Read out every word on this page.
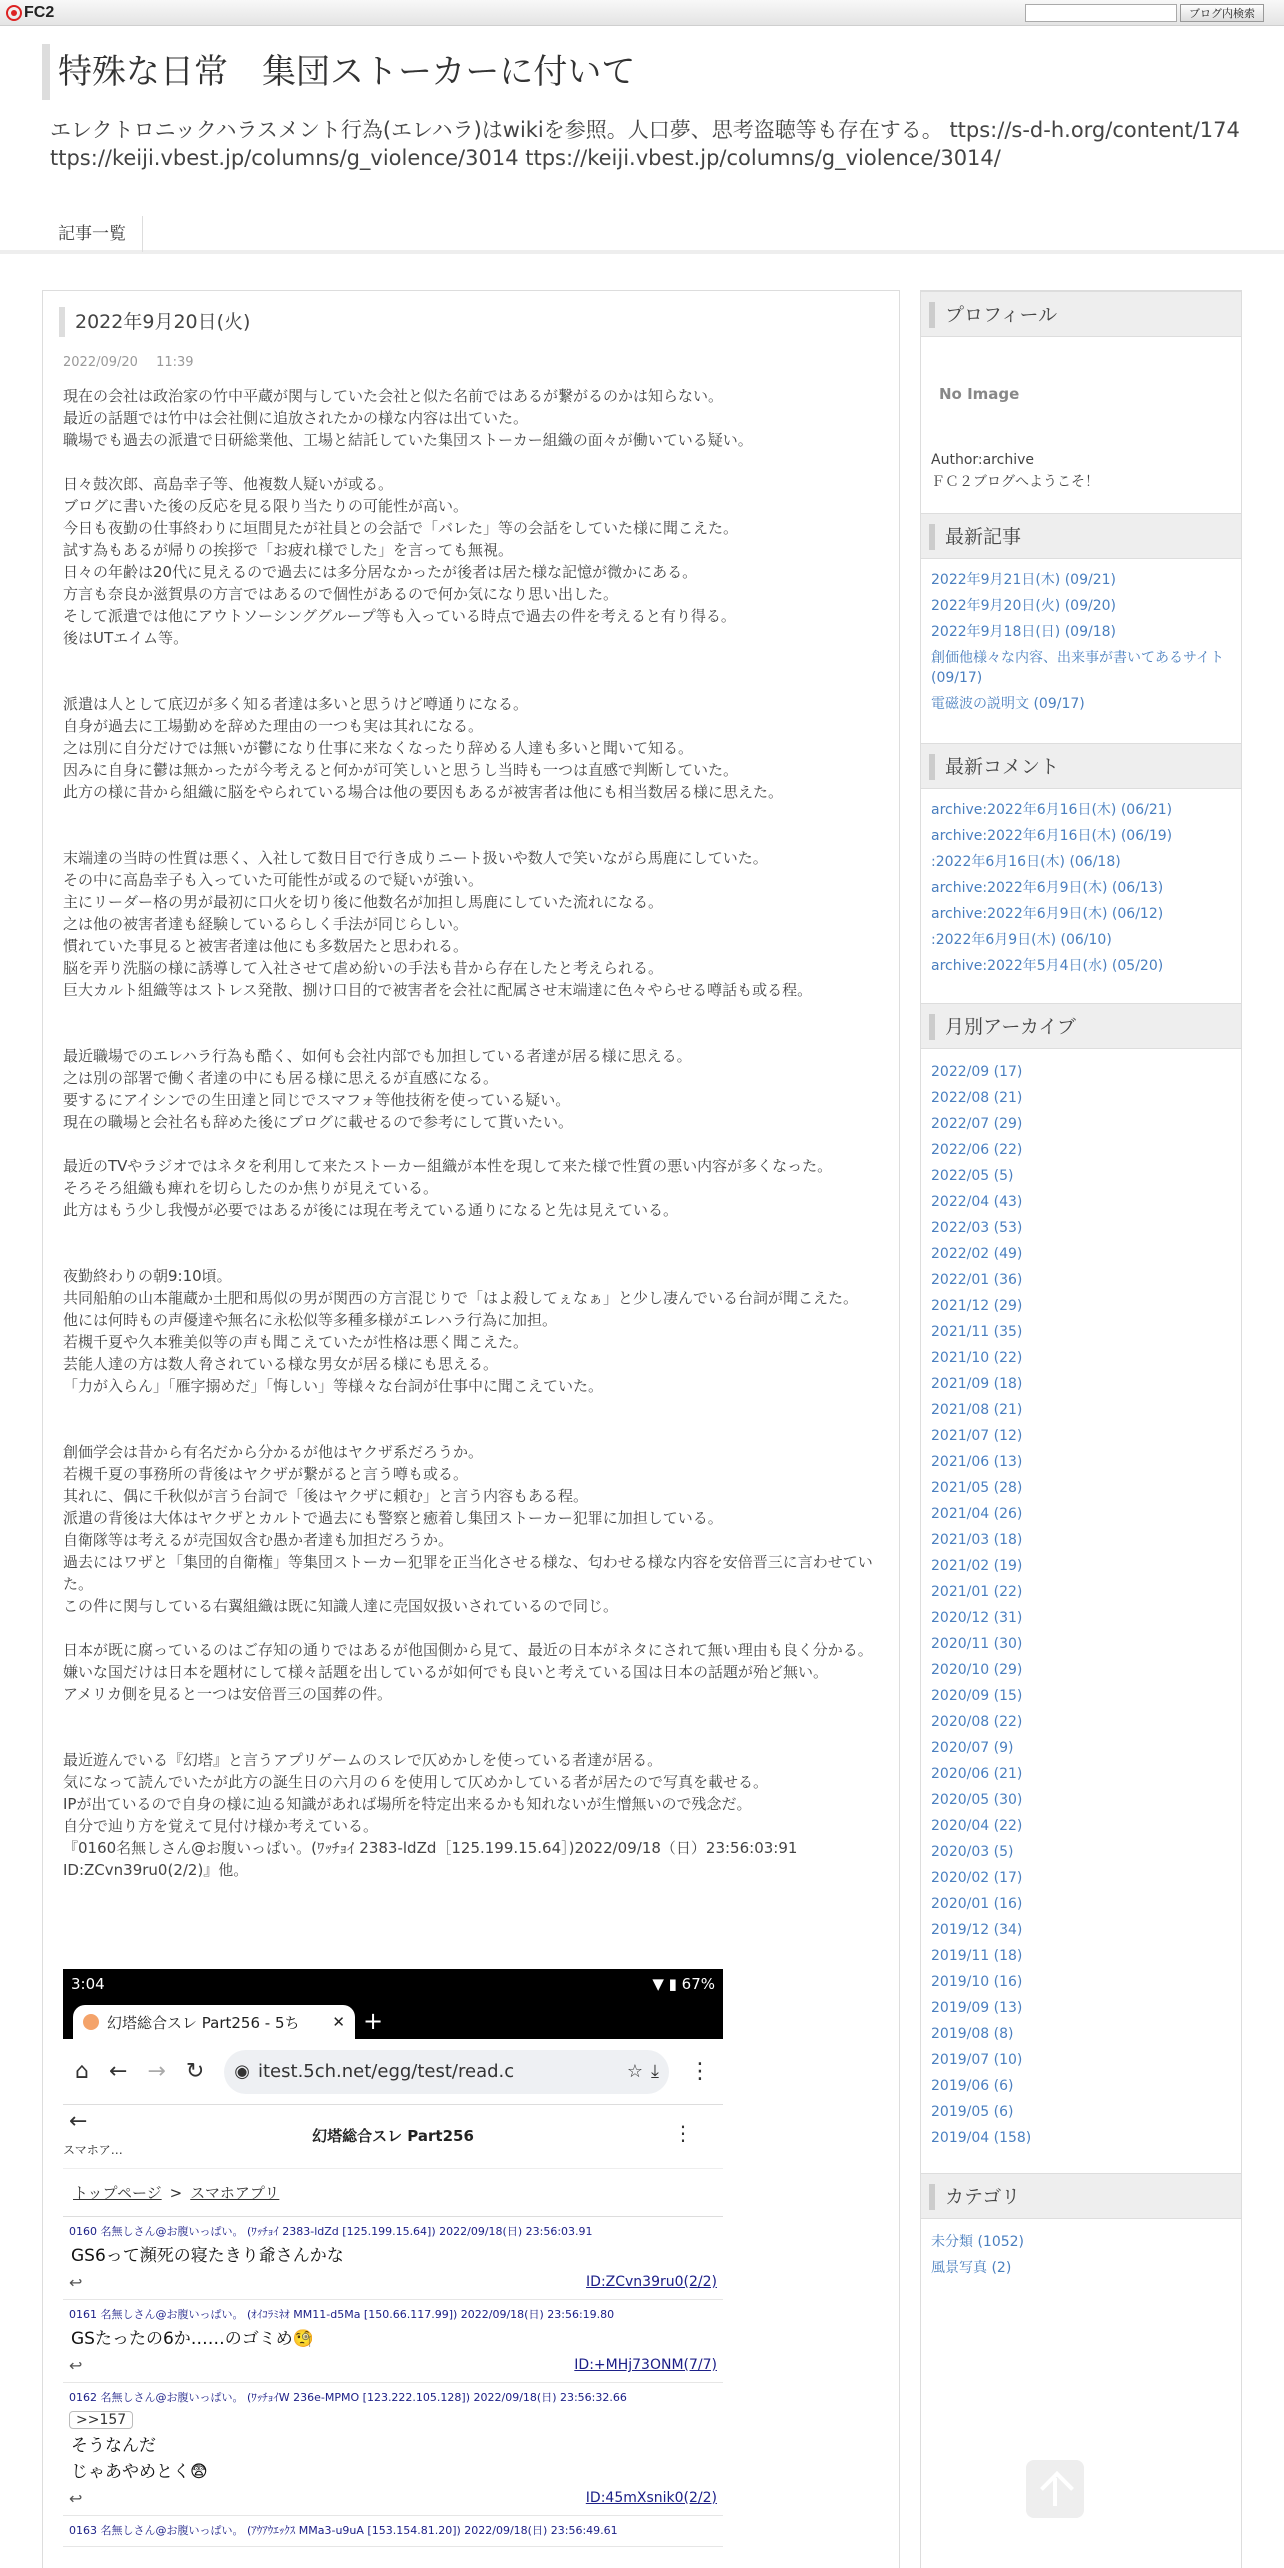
FC2	ブログ内検索
特殊な日常　集団ストーカーに付いて
エレクトロニックハラスメント行為(エレハラ)はwikiを参照。人口夢、思考盗聴等も存在する。 ttps://s-d-h.org/content/174
ttps://keiji.vbest.jp/columns/g_violence/3014 ttps://keiji.vbest.jp/columns/g_violence/3014/
記事一覧
2022年9月20日(火)
2022/09/20 11:39

現在の会社は政治家の竹中平蔵が関与していた会社と似た名前ではあるが繋がるのかは知らない。
最近の話題では竹中は会社側に追放されたかの様な内容は出ていた。
職場でも過去の派遣で日研総業他、工場と結託していた集団ストーカー組織の面々が働いている疑い。

日々鼓次郎、高島幸子等、他複数人疑いが或る。
ブログに書いた後の反応を見る限り当たりの可能性が高い。
今日も夜勤の仕事終わりに垣間見たが社員との会話で「バレた」等の会話をしていた様に聞こえた。
試す為もあるが帰りの挨拶で「お疲れ様でした」を言っても無視。
日々の年齢は20代に見えるので過去には多分居なかったが後者は居た様な記憶が微かにある。
方言も奈良か滋賀県の方言ではあるので個性があるので何か気になり思い出した。
そして派遣では他にアウトソーシンググループ等も入っている時点で過去の件を考えると有り得る。
後はUTエイム等。

派遣は人として底辺が多く知る者達は多いと思うけど噂通りになる。
自身が過去に工場勤めを辞めた理由の一つも実は其れになる。
之は別に自分だけでは無いが鬱になり仕事に来なくなったり辞める人達も多いと聞いて知る。
因みに自身に鬱は無かったが今考えると何かが可笑しいと思うし当時も一つは直感で判断していた。
此方の様に昔から組織に脳をやられている場合は他の要因もあるが被害者は他にも相当数居る様に思えた。

末端達の当時の性質は悪く、入社して数日目で行き成りニート扱いや数人で笑いながら馬鹿にしていた。
その中に高島幸子も入っていた可能性が或るので疑いが強い。
主にリーダー格の男が最初に口火を切り後に他数名が加担し馬鹿にしていた流れになる。
之は他の被害者達も経験しているらしく手法が同じらしい。
慣れていた事見ると被害者達は他にも多数居たと思われる。
脳を弄り洗脳の様に誘導して入社させて虐め紛いの手法も昔から存在したと考えられる。
巨大カルト組織等はストレス発散、捌け口目的で被害者を会社に配属させ末端達に色々やらせる噂話も或る程。

最近職場でのエレハラ行為も酷く、如何も会社内部でも加担している者達が居る様に思える。
之は別の部署で働く者達の中にも居る様に思えるが直感になる。
要するにアイシンでの生田達と同じでスマフォ等他技術を使っている疑い。
現在の職場と会社名も辞めた後にブログに載せるので参考にして貰いたい。

最近のTVやラジオではネタを利用して来たストーカー組織が本性を現して来た様で性質の悪い内容が多くなった。
そろそろ組織も痺れを切らしたのか焦りが見えている。
此方はもう少し我慢が必要ではあるが後には現在考えている通りになると先は見えている。

夜勤終わりの朝9:10頃。
共同船舶の山本龍蔵か土肥和馬似の男が関西の方言混じりで「はよ殺してぇなぁ」と少し凄んでいる台詞が聞こえた。
他には何時もの声優達や無名に永松似等多種多様がエレハラ行為に加担。
若槻千夏や久本雅美似等の声も聞こえていたが性格は悪く聞こえた。
芸能人達の方は数人脅されている様な男女が居る様にも思える。
「力が入らん」「雁字搦めだ」「悔しい」等様々な台詞が仕事中に聞こえていた。

創価学会は昔から有名だから分かるが他はヤクザ系だろうか。
若槻千夏の事務所の背後はヤクザが繋がると言う噂も或る。
其れに、偶に千秋似が言う台詞で「後はヤクザに頼む」と言う内容もある程。
派遣の背後は大体はヤクザとカルトで過去にも警察と癒着し集団ストーカー犯罪に加担している。
自衛隊等は考えるが売国奴含む愚か者達も加担だろうか。
過去にはワザと「集団的自衛権」等集団ストーカー犯罪を正当化させる様な、匂わせる様な内容を安倍晋三に言わせていた。
この件に関与している右翼組織は既に知識人達に売国奴扱いされているので同じ。

日本が既に腐っているのはご存知の通りではあるが他国側から見て、最近の日本がネタにされて無い理由も良く分かる。
嫌いな国だけは日本を題材にして様々話題を出しているが如何でも良いと考えている国は日本の話題が殆ど無い。
アメリカ側を見ると一つは安倍晋三の国葬の件。

最近遊んでいる『幻塔』と言うアプリゲームのスレで仄めかしを使っている者達が居る。
気になって読んでいたが此方の誕生日の六月の６を使用して仄めかしている者が居たので写真を載せる。
IPが出ているので自身の様に辿る知識があれば場所を特定出来るかも知れないが生憎無いので残念だ。
自分で辿り方を覚えて見付け様か考えている。
『0160名無しさん@お腹いっぱい。(ﾜｯﾁｮｲ 2383-ldZd［125.199.15.64］)2022/09/18（日）23:56:03:91 ID:ZCvn39ru0(2/2)』他。

3:04	▼ ▮ 67%
幻塔総合スレ Part256 - 5ち	✕ +
⌂ ← → ↻ ◉ itest.5ch.net/egg/test/read.c	☆ ⤓ ⋮
←
スマホア…
幻塔総合スレ Part256	⋮
トップページ > スマホアプリ
0160 名無しさん@お腹いっぱい。 (ﾜｯﾁｮｲ 2383-ldZd [125.199.15.64]) 2022/09/18(日) 23:56:03.91
GS6って瀕死の寝たきり爺さんかな
↩	ID:ZCvn39ru0(2/2)
0161 名無しさん@お腹いっぱい。 (ｵｲｺﾗﾐﾈｵ MM11-d5Ma [150.66.117.99]) 2022/09/18(日) 23:56:19.80
GSたったの6か……のゴミめ🧐
↩	ID:+MHj73ONM(7/7)
0162 名無しさん@お腹いっぱい。 (ﾜｯﾁｮｲW 236e-MPMO [123.222.105.128]) 2022/09/18(日) 23:56:32.66
>>157
そうなんだ
じゃあやめとく😨
↩	ID:45mXsnik0(2/2)
0163 名無しさん@お腹いっぱい。 (ｱｳｱｳｴｯｸｽ MMa3-u9uA [153.154.81.20]) 2022/09/18(日) 23:56:49.61
プロフィール
No Image
Author:archive
ＦＣ２ブログへようこそ！
最新記事
2022年9月21日(木) (09/21)
2022年9月20日(火) (09/20)
2022年9月18日(日) (09/18)
創価他様々な内容、出来事が書いてあるサイト (09/17)
電磁波の説明文 (09/17)
最新コメント
archive:2022年6月16日(木) (06/21)
archive:2022年6月16日(木) (06/19)
:2022年6月16日(木) (06/18)
archive:2022年6月9日(木) (06/13)
archive:2022年6月9日(木) (06/12)
:2022年6月9日(木) (06/10)
archive:2022年5月4日(水) (05/20)
月別アーカイブ
2022/09 (17)
2022/08 (21)
2022/07 (29)
2022/06 (22)
2022/05 (5)
2022/04 (43)
2022/03 (53)
2022/02 (49)
2022/01 (36)
2021/12 (29)
2021/11 (35)
2021/10 (22)
2021/09 (18)
2021/08 (21)
2021/07 (12)
2021/06 (13)
2021/05 (28)
2021/04 (26)
2021/03 (18)
2021/02 (19)
2021/01 (22)
2020/12 (31)
2020/11 (30)
2020/10 (29)
2020/09 (15)
2020/08 (22)
2020/07 (9)
2020/06 (21)
2020/05 (30)
2020/04 (22)
2020/03 (5)
2020/02 (17)
2020/01 (16)
2019/12 (34)
2019/11 (18)
2019/10 (16)
2019/09 (13)
2019/08 (8)
2019/07 (10)
2019/06 (6)
2019/05 (6)
2019/04 (158)
カテゴリ
未分類 (1052)
風景写真 (2)
